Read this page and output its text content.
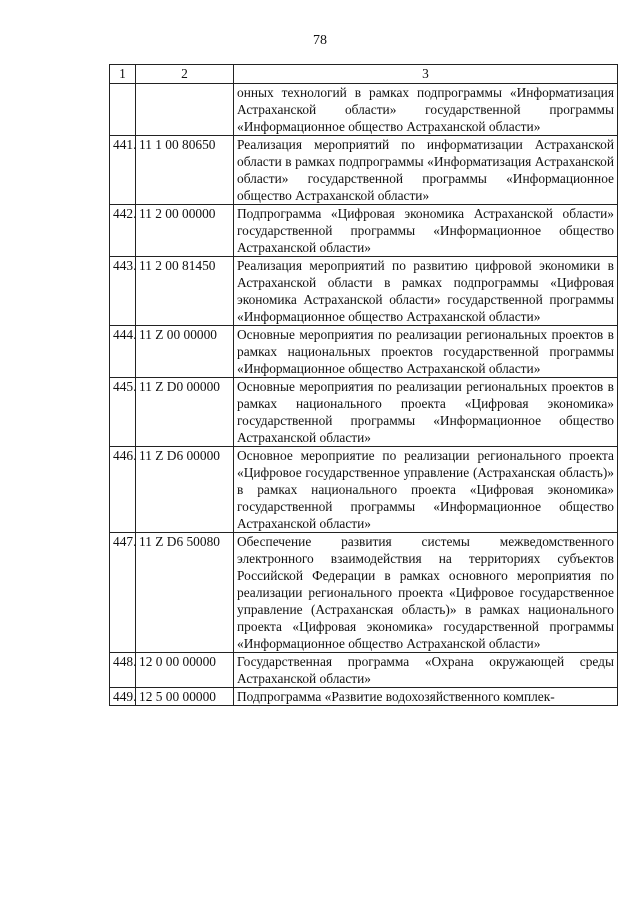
78
1	2	3
		онных технологий в рамках подпрограммы «Информатизация Астраханской области» государственной программы «Информационное общество Астраханской области»
441.	11 1 00 80650	Реализация мероприятий по информатизации Астраханской области в рамках подпрограммы «Информатизация Астраханской области» государственной программы «Информационное общество Астраханской области»
442.	11 2 00 00000	Подпрограмма «Цифровая экономика Астраханской области» государственной программы «Информационное общество Астраханской области»
443.	11 2 00 81450	Реализация мероприятий по развитию цифровой экономики в Астраханской области в рамках подпрограммы «Цифровая экономика Астраханской области» государственной программы «Информационное общество Астраханской области»
444.	11 Z 00 00000	Основные мероприятия по реализации региональных проектов в рамках национальных проектов государственной программы «Информационное общество Астраханской области»
445.	11 Z D0 00000	Основные мероприятия по реализации региональных проектов в рамках национального проекта «Цифровая экономика» государственной программы «Информационное общество Астраханской области»
446.	11 Z D6 00000	Основное мероприятие по реализации регионального проекта «Цифровое государственное управление (Астраханская область)» в рамках национального проекта «Цифровая экономика» государственной программы «Информационное общество Астраханской области»
447.	11 Z D6 50080	Обеспечение развития системы межведомственного электронного взаимодействия на территориях субъектов Российской Федерации в рамках основного мероприятия по реализации регионального проекта «Цифровое государственное управление (Астраханская область)» в рамках национального проекта «Цифровая экономика» государственной программы «Информационное общество Астраханской области»
448.	12 0 00 00000	Государственная программа «Охрана окружающей среды Астраханской области»
449.	12 5 00 00000	Подпрограмма «Развитие водохозяйственного комплек-
